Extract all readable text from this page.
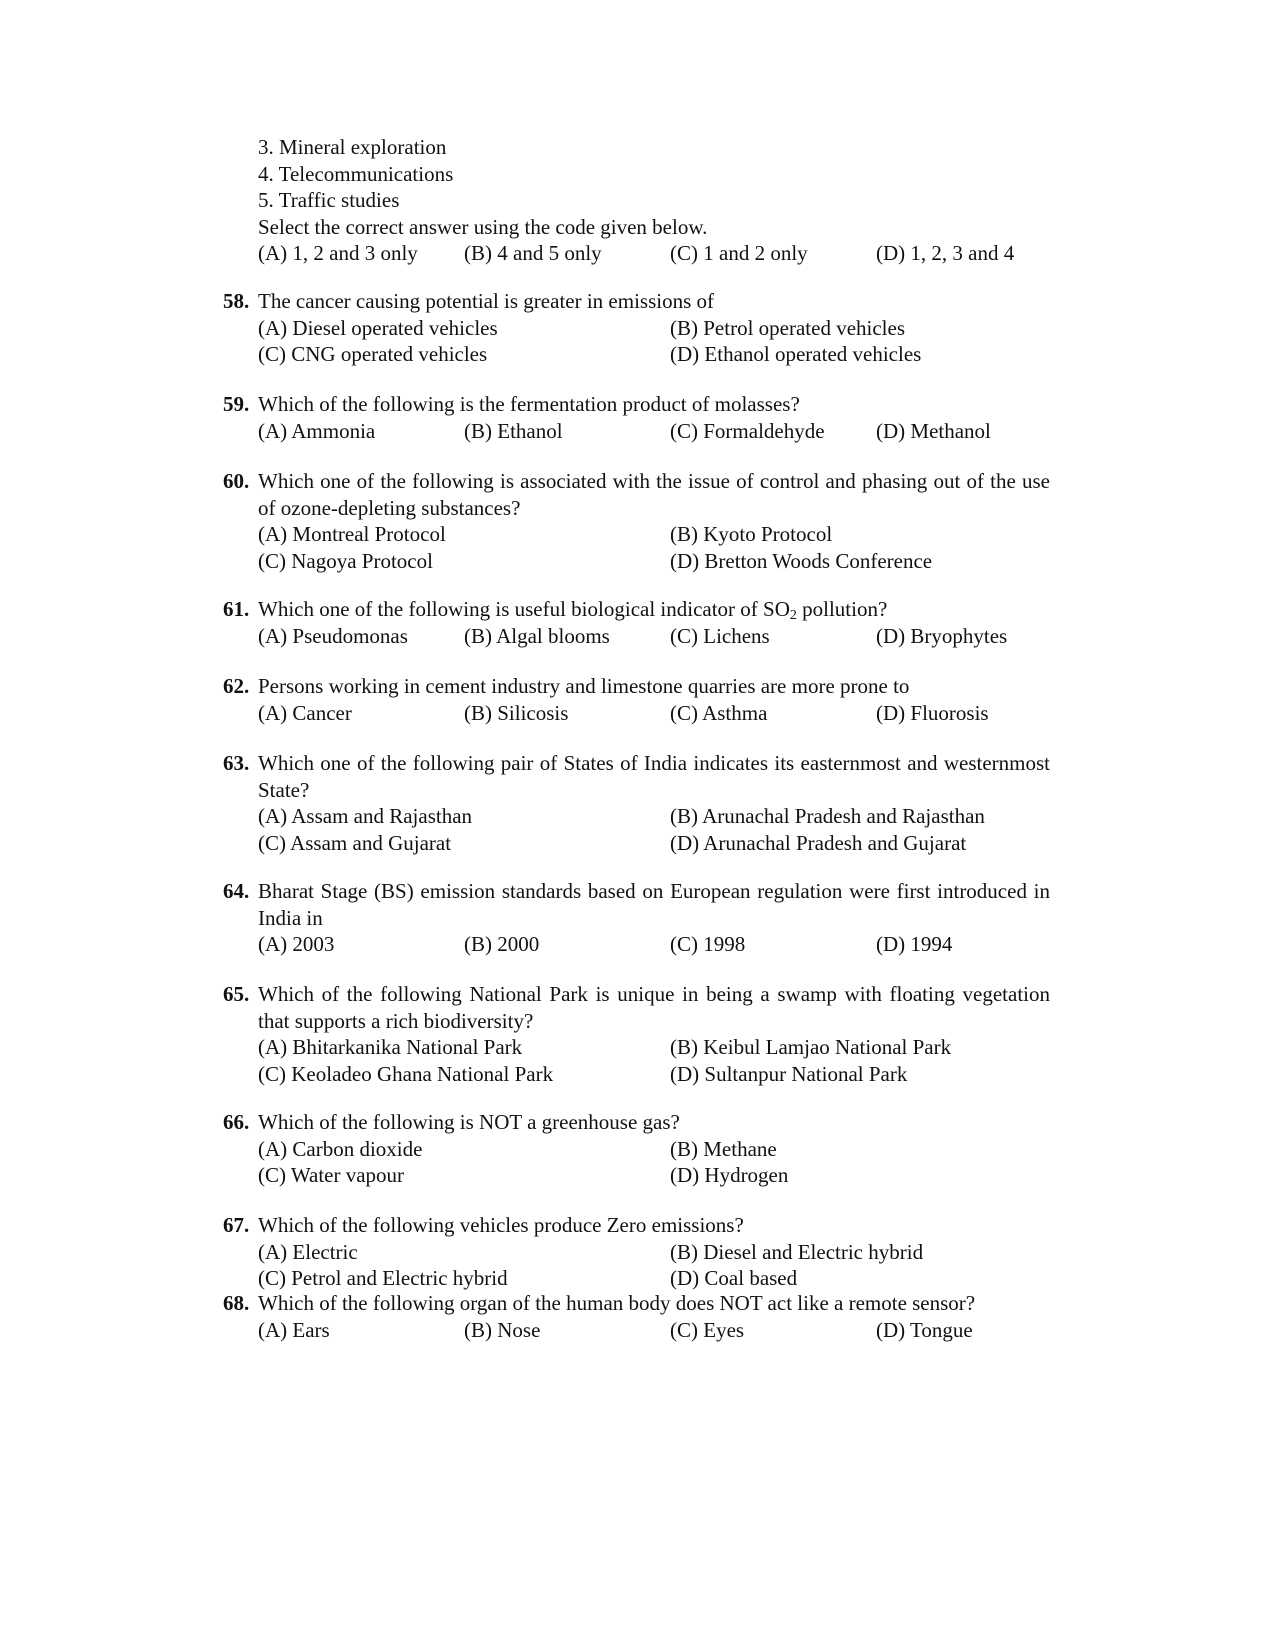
3. Mineral exploration
4. Telecommunications
5. Traffic studies
Select the correct answer using the code given below.
(A) 1, 2 and 3 only (B) 4 and 5 only	(C) 1 and 2 only	(D) 1, 2, 3 and 4
58. The cancer causing potential is greater in emissions of
(A) Diesel operated vehicles	(B) Petrol operated vehicles
(C) CNG operated vehicles	(D) Ethanol operated vehicles
59. Which of the following is the fermentation product of molasses?
(A) Ammonia	(B) Ethanol	(C) Formaldehyde (D) Methanol
60. Which one of the following is associated with the issue of control and phasing out of the use of ozone-depleting substances?
(A) Montreal Protocol	(B) Kyoto Protocol
(C) Nagoya Protocol	(D) Bretton Woods Conference
61. Which one of the following is useful biological indicator of $SO_2$ pollution?
(A) Pseudomonas	(B) Algal blooms	(C) Lichens	(D) Bryophytes
62. Persons working in cement industry and limestone quarries are more prone to
(A) Cancer	(B) Silicosis	(C) Asthma	(D) Fluorosis
63. Which one of the following pair of States of India indicates its easternmost and westernmost State?
(A) Assam and Rajasthan	(B) Arunachal Pradesh and Rajasthan
(C) Assam and Gujarat	(D) Arunachal Pradesh and Gujarat
64. Bharat Stage (BS) emission standards based on European regulation were first introduced in India in
(A) 2003	(B) 2000	(C) 1998	(D) 1994
65. Which of the following National Park is unique in being a swamp with floating vegetation that supports a rich biodiversity?
(A) Bhitarkanika National Park	(B) Keibul Lamjao National Park
(C) Keoladeo Ghana National Park	(D) Sultanpur National Park
66. Which of the following is NOT a greenhouse gas?
(A) Carbon dioxide	(B) Methane
(C) Water vapour	(D) Hydrogen
67. Which of the following vehicles produce Zero emissions?
(A) Electric	(B) Diesel and Electric hybrid
(C) Petrol and Electric hybrid	(D) Coal based
68. Which of the following organ of the human body does NOT act like a remote sensor?
(A) Ears	(B) Nose	(C) Eyes	(D) Tongue
